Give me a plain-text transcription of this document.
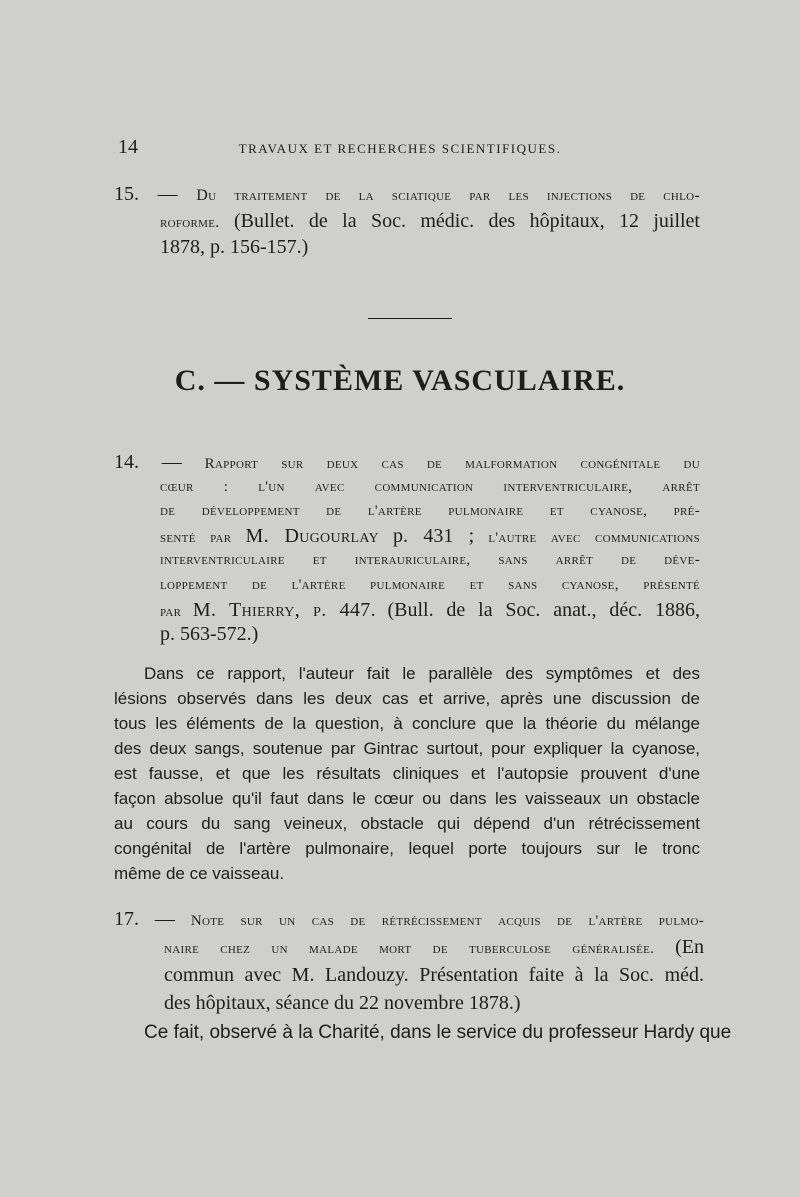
14	TRAVAUX ET RECHERCHES SCIENTIFIQUES.
15. — Du traitement de la sciatique par les injections de chlo-
roforme. (Bullet. de la Soc. médic. des hôpitaux, 12 juillet
1878, p. 156-157.)
C. — SYSTÈME VASCULAIRE.
14. — Rapport sur deux cas de malformation congénitale du
cœur : l'un avec communication interventriculaire, arrêt
de développement de l'artère pulmonaire et cyanose, pré-
senté par M. Dugourlay p. 431 ; l'autre avec communications
interventriculaire et interauriculaire, sans arrêt de déve-
loppement de l'artère pulmonaire et sans cyanose, présenté
par M. Thierry, p. 447. (Bull. de la Soc. anat., déc. 1886,
p. 563-572.)
Dans ce rapport, l'auteur fait le parallèle des symptômes et des
lésions observés dans les deux cas et arrive, après une discussion de
tous les éléments de la question, à conclure que la théorie du mélange
des deux sangs, soutenue par Gintrac surtout, pour expliquer la cyanose,
est fausse, et que les résultats cliniques et l'autopsie prouvent d'une
façon absolue qu'il faut dans le cœur ou dans les vaisseaux un obstacle
au cours du sang veineux, obstacle qui dépend d'un rétrécissement
congénital de l'artère pulmonaire, lequel porte toujours sur le tronc
même de ce vaisseau.
17. — Note sur un cas de rétrécissement acquis de l'artère pulmo-
naire chez un malade mort de tuberculose généralisée. (En
commun avec M. Landouzy. Présentation faite à la Soc. méd.
des hôpitaux, séance du 22 novembre 1878.)
Ce fait, observé à la Charité, dans le service du professeur Hardy que
